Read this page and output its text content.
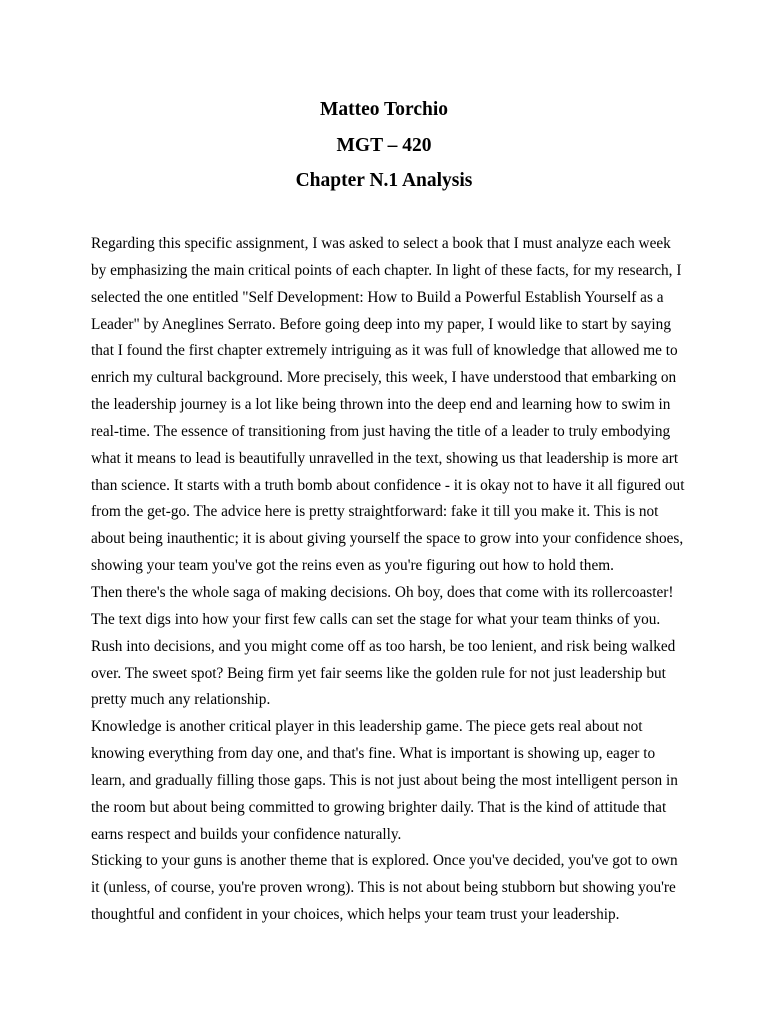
Matteo Torchio
MGT – 420
Chapter N.1 Analysis
Regarding this specific assignment, I was asked to select a book that I must analyze each week
by emphasizing the main critical points of each chapter. In light of these facts, for my research, I
selected the one entitled "Self Development: How to Build a Powerful Establish Yourself as a
Leader" by Aneglines Serrato. Before going deep into my paper, I would like to start by saying
that I found the first chapter extremely intriguing as it was full of knowledge that allowed me to
enrich my cultural background. More precisely, this week, I have understood that embarking on
the leadership journey is a lot like being thrown into the deep end and learning how to swim in
real-time. The essence of transitioning from just having the title of a leader to truly embodying
what it means to lead is beautifully unravelled in the text, showing us that leadership is more art
than science. It starts with a truth bomb about confidence - it is okay not to have it all figured out
from the get-go. The advice here is pretty straightforward: fake it till you make it. This is not
about being inauthentic; it is about giving yourself the space to grow into your confidence shoes,
showing your team you've got the reins even as you're figuring out how to hold them.
Then there's the whole saga of making decisions. Oh boy, does that come with its rollercoaster!
The text digs into how your first few calls can set the stage for what your team thinks of you.
Rush into decisions, and you might come off as too harsh, be too lenient, and risk being walked
over. The sweet spot? Being firm yet fair seems like the golden rule for not just leadership but
pretty much any relationship.
Knowledge is another critical player in this leadership game. The piece gets real about not
knowing everything from day one, and that's fine. What is important is showing up, eager to
learn, and gradually filling those gaps. This is not just about being the most intelligent person in
the room but about being committed to growing brighter daily. That is the kind of attitude that
earns respect and builds your confidence naturally.
Sticking to your guns is another theme that is explored. Once you've decided, you've got to own
it (unless, of course, you're proven wrong). This is not about being stubborn but showing you're
thoughtful and confident in your choices, which helps your team trust your leadership.
